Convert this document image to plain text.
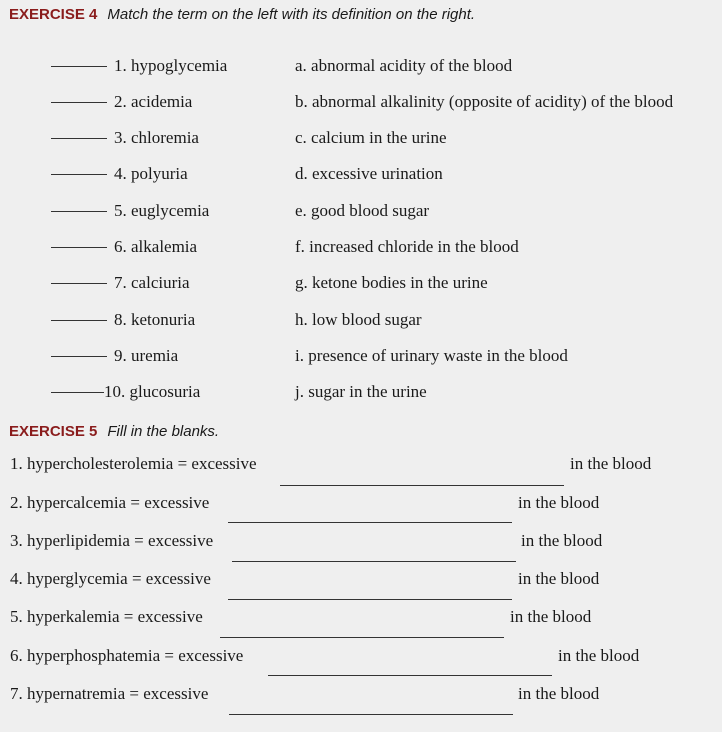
EXERCISE 4 Match the term on the left with its definition on the right.
1. hypoglycemia	a. abnormal acidity of the blood
2. acidemia	b. abnormal alkalinity (opposite of acidity) of the blood
3. chloremia	c. calcium in the urine
4. polyuria	d. excessive urination
5. euglycemia	e. good blood sugar
6. alkalemia	f. increased chloride in the blood
7. calciuria	g. ketone bodies in the urine
8. ketonuria	h. low blood sugar
9. uremia	i. presence of urinary waste in the blood
10. glucosuria	j. sugar in the urine
EXERCISE 5 Fill in the blanks.
1. hypercholesterolemia = excessive	in the blood
2. hypercalcemia = excessive	in the blood
3. hyperlipidemia = excessive	in the blood
4. hyperglycemia = excessive	in the blood
5. hyperkalemia = excessive	in the blood
6. hyperphosphatemia = excessive	in the blood
7. hypernatremia = excessive	in the blood
